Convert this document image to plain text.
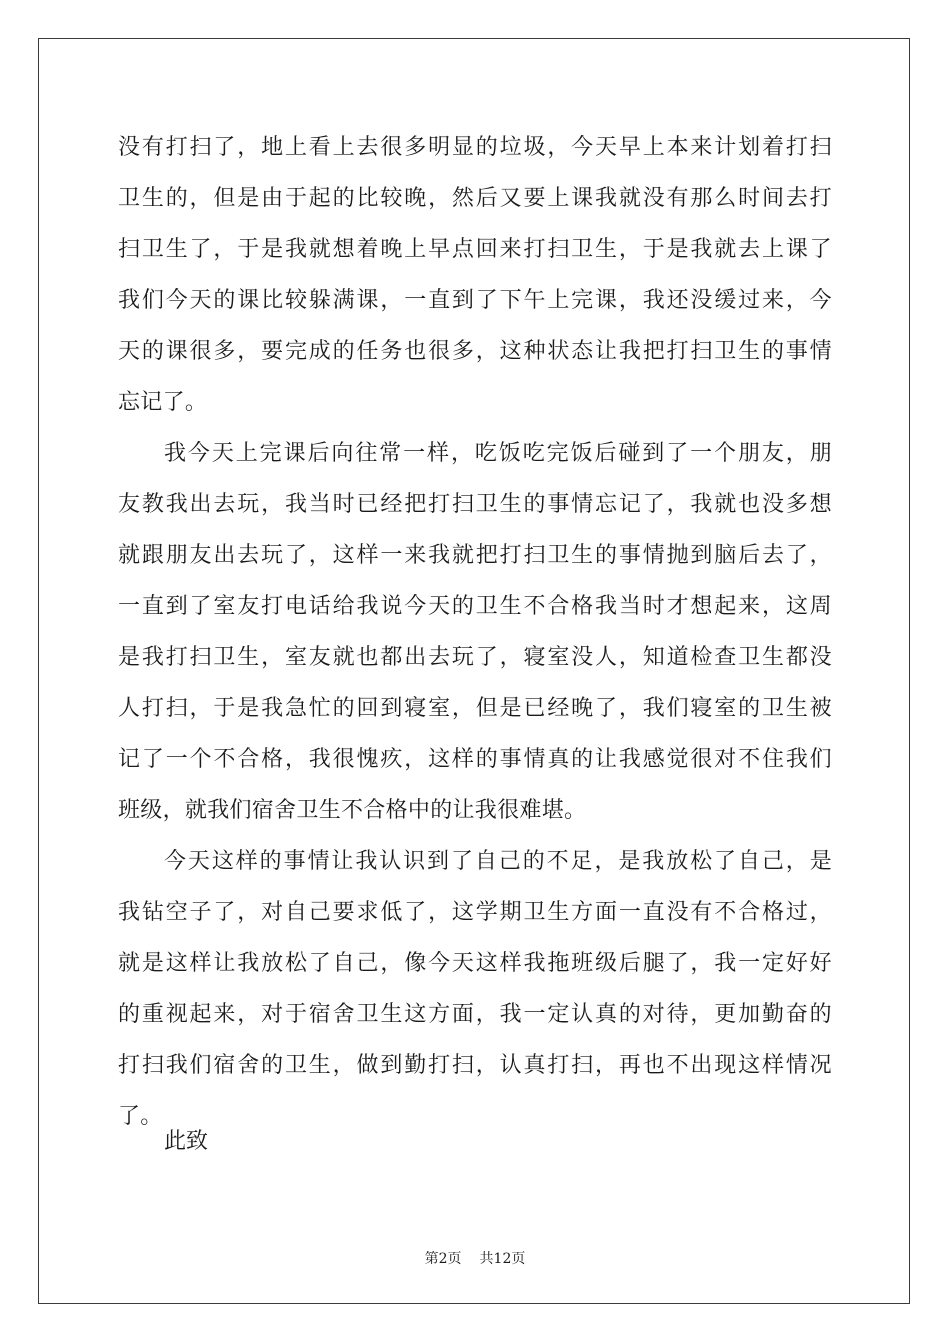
没有打扫了，地上看上去很多明显的垃圾，今天早上本来计划着打扫
卫生的，但是由于起的比较晚，然后又要上课我就没有那么时间去打
扫卫生了，于是我就想着晚上早点回来打扫卫生，于是我就去上课了
我们今天的课比较躲满课，一直到了下午上完课，我还没缓过来，今
天的课很多，要完成的任务也很多，这种状态让我把打扫卫生的事情
忘记了。
我今天上完课后向往常一样，吃饭吃完饭后碰到了一个朋友，朋
友教我出去玩，我当时已经把打扫卫生的事情忘记了，我就也没多想
就跟朋友出去玩了，这样一来我就把打扫卫生的事情抛到脑后去了，
一直到了室友打电话给我说今天的卫生不合格我当时才想起来，这周
是我打扫卫生，室友就也都出去玩了，寝室没人，知道检查卫生都没
人打扫，于是我急忙的回到寝室，但是已经晚了，我们寝室的卫生被
记了一个不合格，我很愧疚，这样的事情真的让我感觉很对不住我们
班级，就我们宿舍卫生不合格中的让我很难堪。
今天这样的事情让我认识到了自己的不足，是我放松了自己，是
我钻空子了，对自己要求低了，这学期卫生方面一直没有不合格过，
就是这样让我放松了自己，像今天这样我拖班级后腿了，我一定好好
的重视起来，对于宿舍卫生这方面，我一定认真的对待，更加勤奋的
打扫我们宿舍的卫生，做到勤打扫，认真打扫，再也不出现这样情况
了。
此致
第2页 共12页
